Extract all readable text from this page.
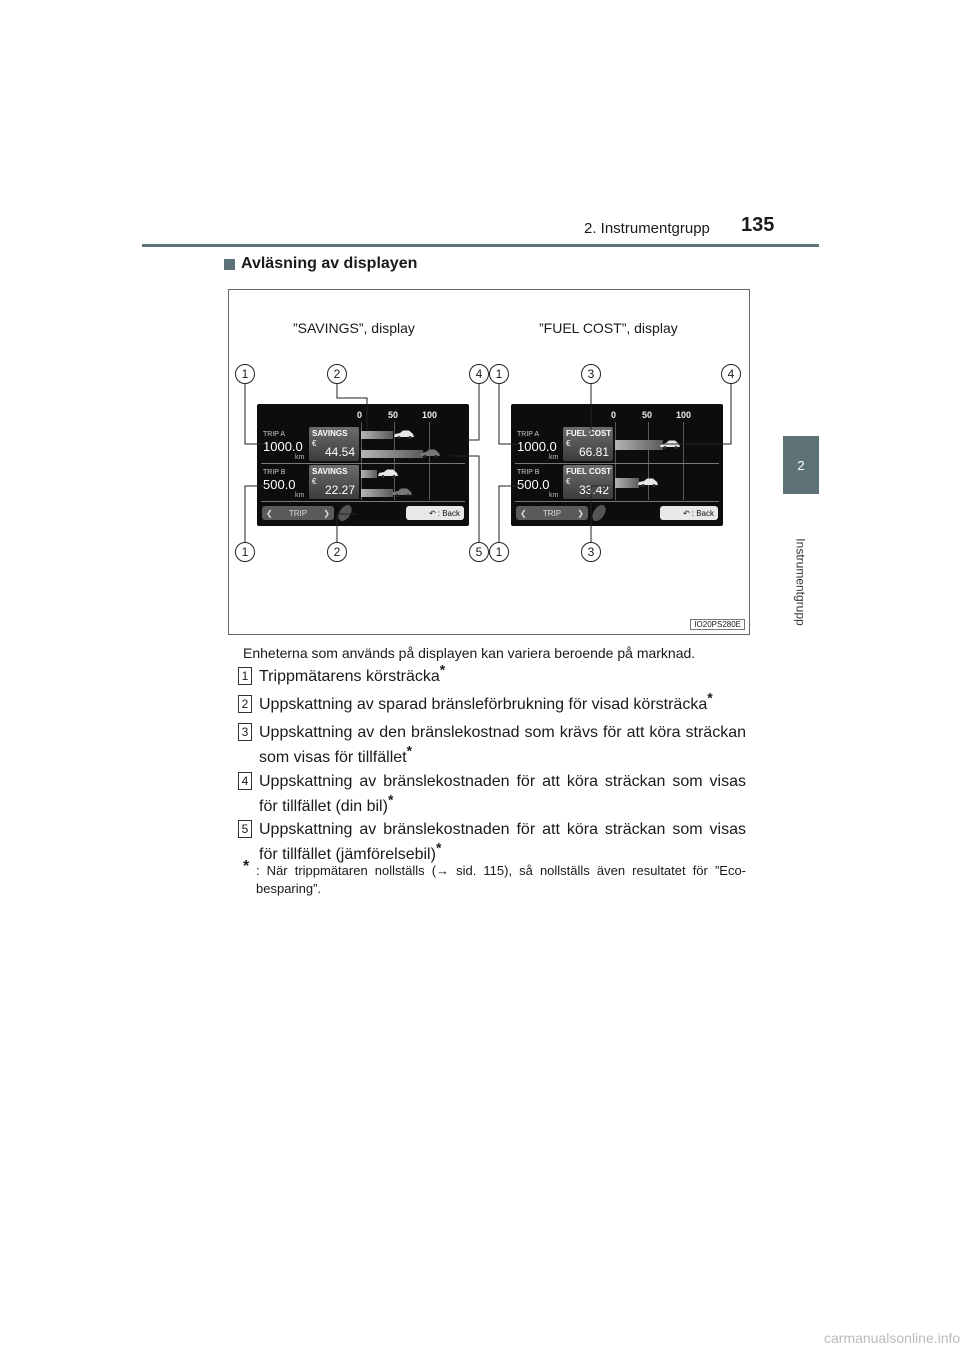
2. Instrumentgrupp 135
2
Instrumentgrupp
Avläsning av displayen
”SAVINGS”, display	”FUEL COST”, display
0	50	100
TRIP A
1000.0
km
SAVINGS
€
44.54
TRIP B
500.0
km
SAVINGS
€
22.27
❮ TRIP ❯	↶ : Back
0	50	100
TRIP A
1000.0
km
FUEL COST
€
66.81
TRIP B
500.0
km
FUEL COST
€
33.42
❮ TRIP ❯	↶ : Back
1	2	4
1	2	5
1	3	4
1	3
IO20PS280E
Enheterna som används på displayen kan variera beroende på marknad.
1 Trippmätarens körsträcka*
2 Uppskattning av sparad bränsleförbrukning för visad körsträcka*
3 Uppskattning av den bränslekostnad som krävs för att köra sträckan som visas för tillfället*
4 Uppskattning av bränslekostnaden för att köra sträckan som visas för tillfället (din bil)*
5 Uppskattning av bränslekostnaden för att köra sträckan som visas för tillfället (jämförelsebil)*
* : När trippmätaren nollställs (→ sid. 115), så nollställs även resultatet för ”Eco-besparing”.
carmanualsonline.info
